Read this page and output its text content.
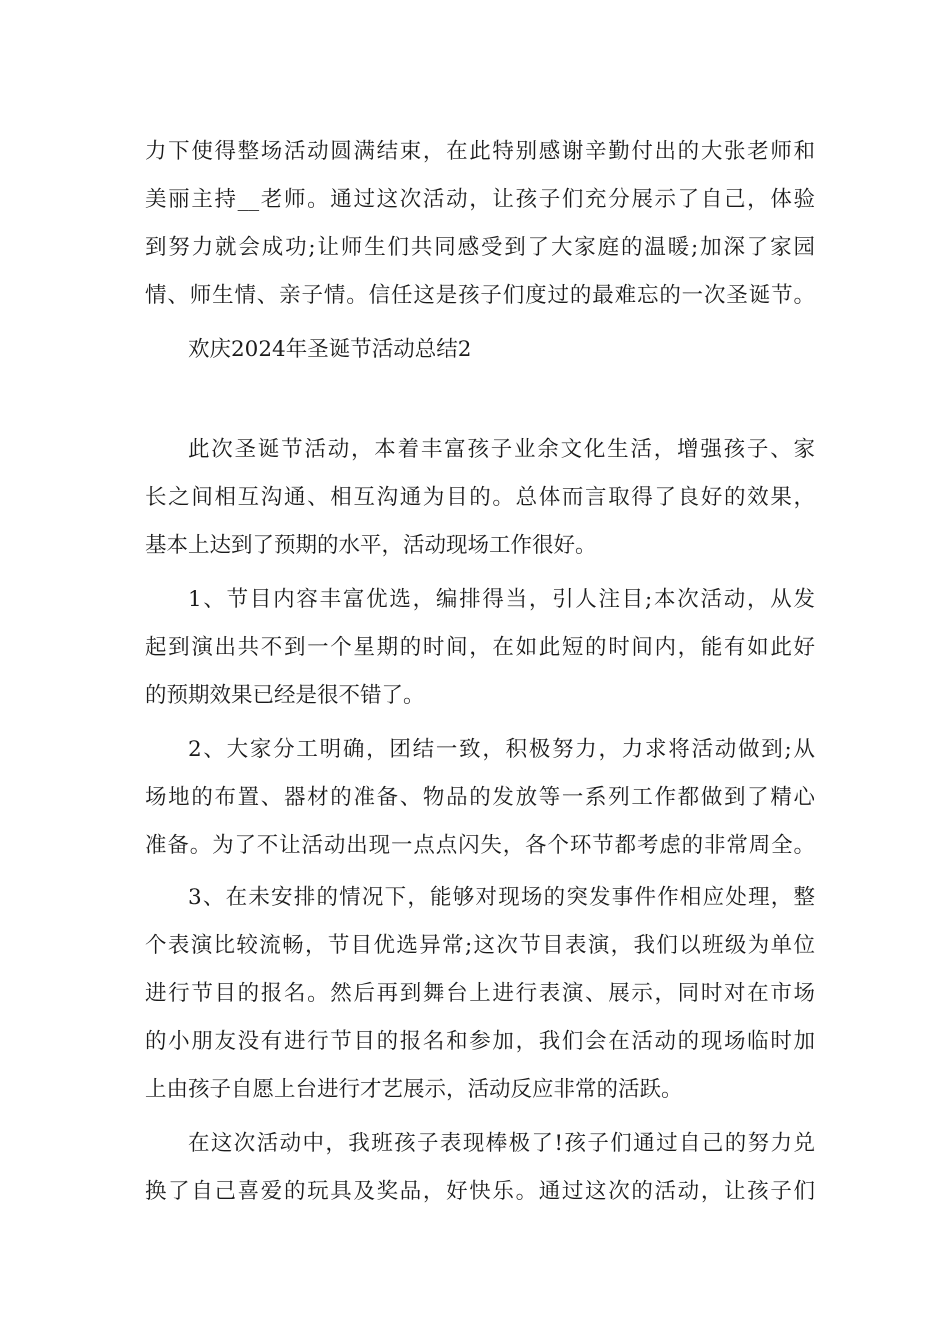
力下使得整场活动圆满结束，在此特别感谢辛勤付出的大张老师和
美丽主持__老师。通过这次活动，让孩子们充分展示了自己，体验
到努力就会成功;让师生们共同感受到了大家庭的温暖;加深了家园
情、师生情、亲子情。信任这是孩子们度过的最难忘的一次圣诞节。
欢庆2024年圣诞节活动总结2
此次圣诞节活动，本着丰富孩子业余文化生活，增强孩子、家
长之间相互沟通、相互沟通为目的。总体而言取得了良好的效果，
基本上达到了预期的水平，活动现场工作很好。
1、节目内容丰富优选，编排得当，引人注目;本次活动，从发
起到演出共不到一个星期的时间，在如此短的时间内，能有如此好
的预期效果已经是很不错了。
2、大家分工明确，团结一致，积极努力，力求将活动做到;从
场地的布置、器材的准备、物品的发放等一系列工作都做到了精心
准备。为了不让活动出现一点点闪失，各个环节都考虑的非常周全。
3、在未安排的情况下，能够对现场的突发事件作相应处理，整
个表演比较流畅，节目优选异常;这次节目表演，我们以班级为单位
进行节目的报名。然后再到舞台上进行表演、展示，同时对在市场
的小朋友没有进行节目的报名和参加，我们会在活动的现场临时加
上由孩子自愿上台进行才艺展示，活动反应非常的活跃。
在这次活动中，我班孩子表现棒极了!孩子们通过自己的努力兑
换了自己喜爱的玩具及奖品，好快乐。通过这次的活动，让孩子们
